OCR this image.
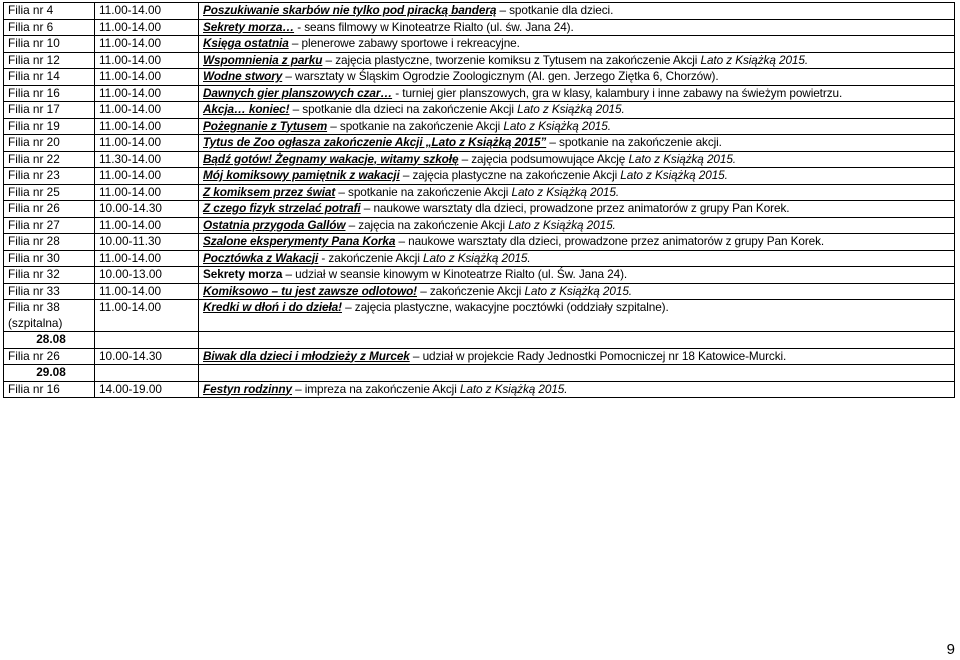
Filia nr 4	11.00-14.00	Poszukiwanie skarbów nie tylko pod piracką banderą – spotkanie dla dzieci.
Filia nr 6	11.00-14.00	Sekrety morza… - seans filmowy w Kinoteatrze Rialto (ul. św. Jana 24).
Filia nr 10	11.00-14.00	Księga ostatnia – plenerowe zabawy sportowe i rekreacyjne.
Filia nr 12	11.00-14.00	Wspomnienia z parku – zajęcia plastyczne, tworzenie komiksu z Tytusem na zakończenie Akcji Lato z Książką 2015.
Filia nr 14	11.00-14.00	Wodne stwory – warsztaty w Śląskim Ogrodzie Zoologicznym (Al. gen. Jerzego Ziętka 6, Chorzów).
Filia nr 16	11.00-14.00	Dawnych gier planszowych czar… - turniej gier planszowych, gra w klasy, kalambury i inne zabawy na świeżym powietrzu.
Filia nr 17	11.00-14.00	Akcja… koniec! – spotkanie dla dzieci na zakończenie Akcji Lato z Książką 2015.
Filia nr 19	11.00-14.00	Pożegnanie z Tytusem – spotkanie na zakończenie Akcji Lato z Książką 2015.
Filia nr 20	11.00-14.00	Tytus de Zoo ogłasza zakończenie Akcji „Lato z Książką 2015” – spotkanie na zakończenie akcji.
Filia nr 22	11.30-14.00	Bądź gotów! Żegnamy wakacje, witamy szkołę – zajęcia podsumowujące Akcję Lato z Książką 2015.
Filia nr 23	11.00-14.00	Mój komiksowy pamiętnik z wakacji – zajęcia plastyczne na zakończenie Akcji Lato z Książką 2015.
Filia nr 25	11.00-14.00	Z komiksem przez świat – spotkanie na zakończenie Akcji Lato z Książką 2015.
Filia nr 26	10.00-14.30	Z czego fizyk strzelać potrafi – naukowe warsztaty dla dzieci, prowadzone przez animatorów z grupy Pan Korek.
Filia nr 27	11.00-14.00	Ostatnia przygoda Gallów – zajęcia na zakończenie Akcji Lato z Książką 2015.
Filia nr 28	10.00-11.30	Szalone eksperymenty Pana Korka – naukowe warsztaty dla dzieci, prowadzone przez animatorów z grupy Pan Korek.
Filia nr 30	11.00-14.00	Pocztówka z Wakacji - zakończenie Akcji Lato z Książką 2015.
Filia nr 32	10.00-13.00	Sekrety morza – udział w seansie kinowym w Kinoteatrze Rialto (ul. Św. Jana 24).
Filia nr 33	11.00-14.00	Komiksowo – tu jest zawsze odlotowo! – zakończenie Akcji Lato z Książką 2015.
Filia nr 38
(szpitalna)	11.00-14.00	Kredki w dłoń i do dzieła! – zajęcia plastyczne, wakacyjne pocztówki (oddziały szpitalne).
28.08		
Filia nr 26	10.00-14.30	Biwak dla dzieci i młodzieży z Murcek – udział w projekcie Rady Jednostki Pomocniczej nr 18 Katowice-Murcki.
29.08		
Filia nr 16	14.00-19.00	Festyn rodzinny – impreza na zakończenie Akcji Lato z Książką 2015.
9
